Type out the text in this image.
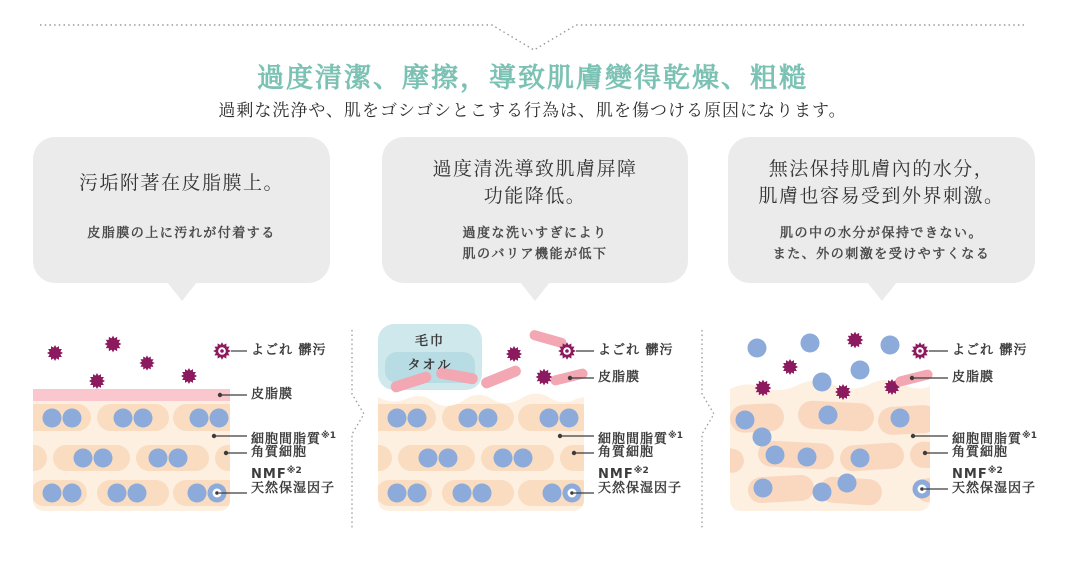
過度清潔、摩擦，導致肌膚變得乾燥、粗糙
過剰な洗浄や、肌をゴシゴシとこする行為は、肌を傷つける原因になります。
污垢附著在皮脂膜上。
皮脂膜の上に汚れが付着する
過度清洗導致肌膚屏障
功能降低。
過度な洗いすぎにより
肌のバリア機能が低下
無法保持肌膚內的水分，
肌膚也容易受到外界刺激。
肌の中の水分が保持できない。
また、外の刺激を受けやすくなる
よごれ 髒污
皮脂膜
細胞間脂質$^{※1}$
角質細胞
NMF$^{※2}$
天然保湿因子
毛巾
タオル
よごれ 髒污
皮脂膜
細胞間脂質$^{※1}$
角質細胞
NMF$^{※2}$
天然保湿因子
よごれ 髒污
皮脂膜
細胞間脂質$^{※1}$
角質細胞
NMF$^{※2}$
天然保湿因子
